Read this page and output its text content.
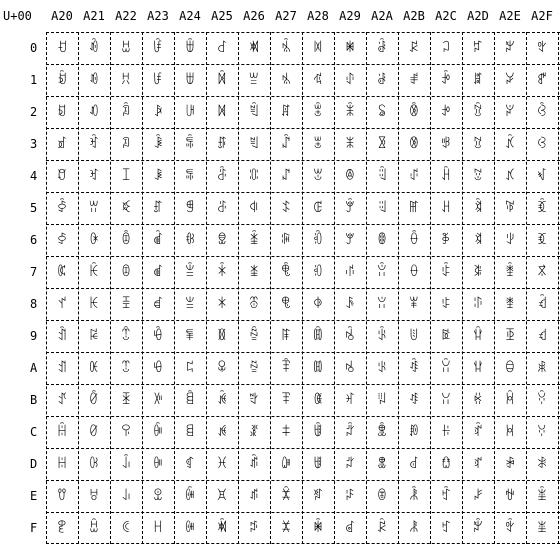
U+00	A20 A21 A22 A23 A24 A25 A26 A27 A28 A29 A2A A2B A2C A2D A2E A2F
0
1
2
3
4
5
6
7
8
9
A
B
C
D
E
F
ꀀ
ꀁ
ꀂ
ꀃ
ꀄ
ꀅ
ꀆ
ꀇ
ꀈ
ꀉ
ꀊ
ꀋ
ꀌ
ꀍ
ꀎ
ꀏ
ꀐ
ꀑ
ꀒ
ꀓ
ꀔ
ꀕ
ꀖ
ꀗ
ꀘ
ꀙ
ꀚ
ꀛ
ꀜ
ꀝ
ꀞ
ꀟ
ꀠ
ꀡ
ꀢ
ꀣ
ꀤ
ꀥ
ꀦ
ꀧ
ꀨ
ꀩ
ꀪ
ꀫ
ꀬ
ꀭ
ꀮ
ꀯ
ꀰ
ꀱ
ꀲ
ꀳ
ꀴ
ꀵ
ꀶ
ꀷ
ꀸ
ꀹ
ꀺ
ꀻ
ꀼ
ꀽ
ꀾ
ꀿ
ꁀ
ꁁ
ꁂ
ꁃ
ꁄ
ꁅ
ꁆ
ꁇ
ꁈ
ꁉ
ꁊ
ꁋ
ꁌ
ꁍ
ꁎ
ꁏ
ꁐ
ꁑ
ꁒ
ꁓ
ꁔ
ꁕ
ꁖ
ꁗ
ꁘ
ꁙ
ꁚ
ꁛ
ꁜ
ꁝ
ꁞ
ꁟ
ꁠ
ꁡ
ꁢ
ꁣ
ꁤ
ꁥ
ꁦ
ꁧ
ꁨ
ꁩ
ꁪ
ꁫ
ꁬ
ꁭ
ꁮ
ꁯ
ꁰ
ꁱ
ꁲ
ꁳ
ꁴ
ꁵ
ꁶ
ꁷ
ꁸ
ꁹ
ꁺ
ꁻ
ꁼ
ꁽ
ꁾ
ꁿ
ꂀ
ꂁ
ꂂ
ꂃ
ꂄ
ꂅ
ꂆ
ꂇ
ꂈ
ꂉ
ꂊ
ꂋ
ꂌ
ꂍ
ꂎ
ꂏ
ꂐ
ꂑ
ꂒ
ꂓ
ꂔ
ꂕ
ꂖ
ꂗ
ꂘ
ꂙ
ꂚ
ꂛ
ꂜ
ꂝ
ꂞ
ꂟ
ꂠ
ꂡ
ꂢ
ꂣ
ꂤ
ꂥ
ꂦ
ꂧ
ꂨ
ꂩ
ꂪ
ꂫ
ꂬ
ꂭ
ꂮ
ꂯ
ꂰ
ꂱ
ꂲ
ꂳ
ꂴ
ꂵ
ꂶ
ꂷ
ꂸ
ꂹ
ꂺ
ꂻ
ꂼ
ꂽ
ꂾ
ꂿ
ꃀ
ꃁ
ꃂ
ꃃ
ꃄ
ꃅ
ꃆ
ꃇ
ꃈ
ꃉ
ꃊ
ꃋ
ꃌ
ꃍ
ꃎ
ꃏ
ꃐ
ꃑ
ꃒ
ꃓ
ꃔ
ꃕ
ꃖ
ꃗ
ꃘ
ꃙ
ꃚ
ꃛ
ꃜ
ꃝ
ꃞ
ꃟ
ꃠ
ꃡ
ꃢ
ꃣ
ꃤ
ꃥ
ꃦ
ꃧ
ꃨ
ꃩ
ꃪ
ꃫ
ꃬ
ꃭ
ꃮ
ꃯ
ꃰ
ꃱ
ꃲ
ꃳ
ꃴ
ꃵ
ꃶ
ꃷ
ꃸ
ꃹ
ꃺ
ꃻ
ꃼ
ꃽ
ꃾ
ꃿ
